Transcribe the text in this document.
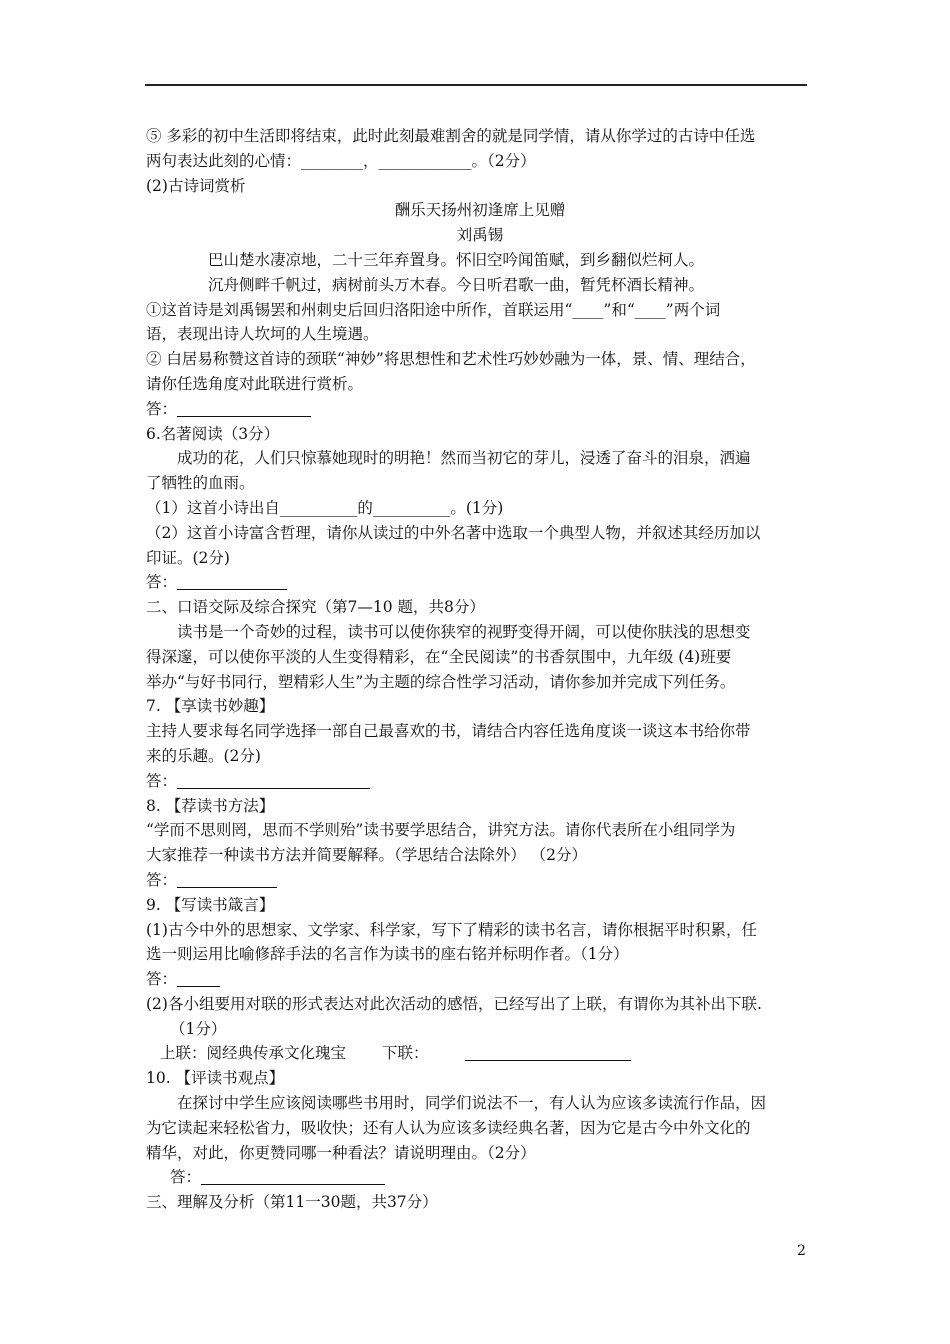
⑤ 多彩的初中生活即将结束，此时此刻最难割舍的就是同学情，请从你学过的古诗中任选
两句表达此刻的心情：________，____________。（2分）
(2)古诗词赏析
酬乐天扬州初逢席上见赠
刘禹锡
巴山楚水凄凉地，二十三年弃置身。怀旧空吟闻笛赋，到乡翻似烂柯人。
沉舟侧畔千帆过，病树前头万木春。今日听君歌一曲，暂凭杯酒长精神。
①这首诗是刘禹锡罢和州刺史后回归洛阳途中所作，首联运用“____”和“____”两个词
语，表现出诗人坎坷的人生境遇。
② 白居易称赞这首诗的颈联“神妙”将思想性和艺术性巧妙妙融为一体，景、情、理结合，
请你任选角度对此联进行赏析。
答：
6.名著阅读（3分）
成功的花，人们只惊慕她现时的明艳！然而当初它的芽儿，浸透了奋斗的泪泉，洒遍
了牺牲的血雨。
（1）这首小诗出自__________的__________。(1分)
（2）这首小诗富含哲理，请你从读过的中外名著中选取一个典型人物，并叙述其经历加以
印证。(2分)
答：
二、口语交际及综合探究（第7—10 题，共8分）
读书是一个奇妙的过程，读书可以使你狭窄的视野变得开阔，可以使你肤浅的思想变
得深邃，可以使你平淡的人生变得精彩，在“全民阅读”的书香氛围中，九年级 (4)班要
举办“与好书同行，塑精彩人生”为主题的综合性学习活动，请你参加并完成下列任务。
7. 【享读书妙趣】
主持人要求每名同学选择一部自己最喜欢的书，请结合内容任选角度谈一谈这本书给你带
来的乐趣。(2分)
答：
8. 【荐读书方法】
“学而不思则罔，思而不学则殆”读书要学思结合，讲究方法。请你代表所在小组同学为
大家推荐一种读书方法并简要解释。（学思结合法除外） （2分）
答：
9. 【写读书箴言】
(1)古今中外的思想家、文学家、科学家，写下了精彩的读书名言，请你根据平时积累，任
选一则运用比喻修辞手法的名言作为读书的座右铭并标明作者。（1分）
答：
(2)各小组要用对联的形式表达对此次活动的感悟，已经写出了上联，有谓你为其补出下联.
（1分）
上联：阅经典传承文化瑰宝 下联：
10. 【评读书观点】
在探讨中学生应该阅读哪些书用时，同学们说法不一，有人认为应该多读流行作品，因
为它读起来轻松省力，吸收快；还有人认为应该多读经典名著，因为它是古今中外文化的
精华，对此，你更赞同哪一种看法？请说明理由。（2分）
答：
三、理解及分析（第11一30题，共37分）
2
